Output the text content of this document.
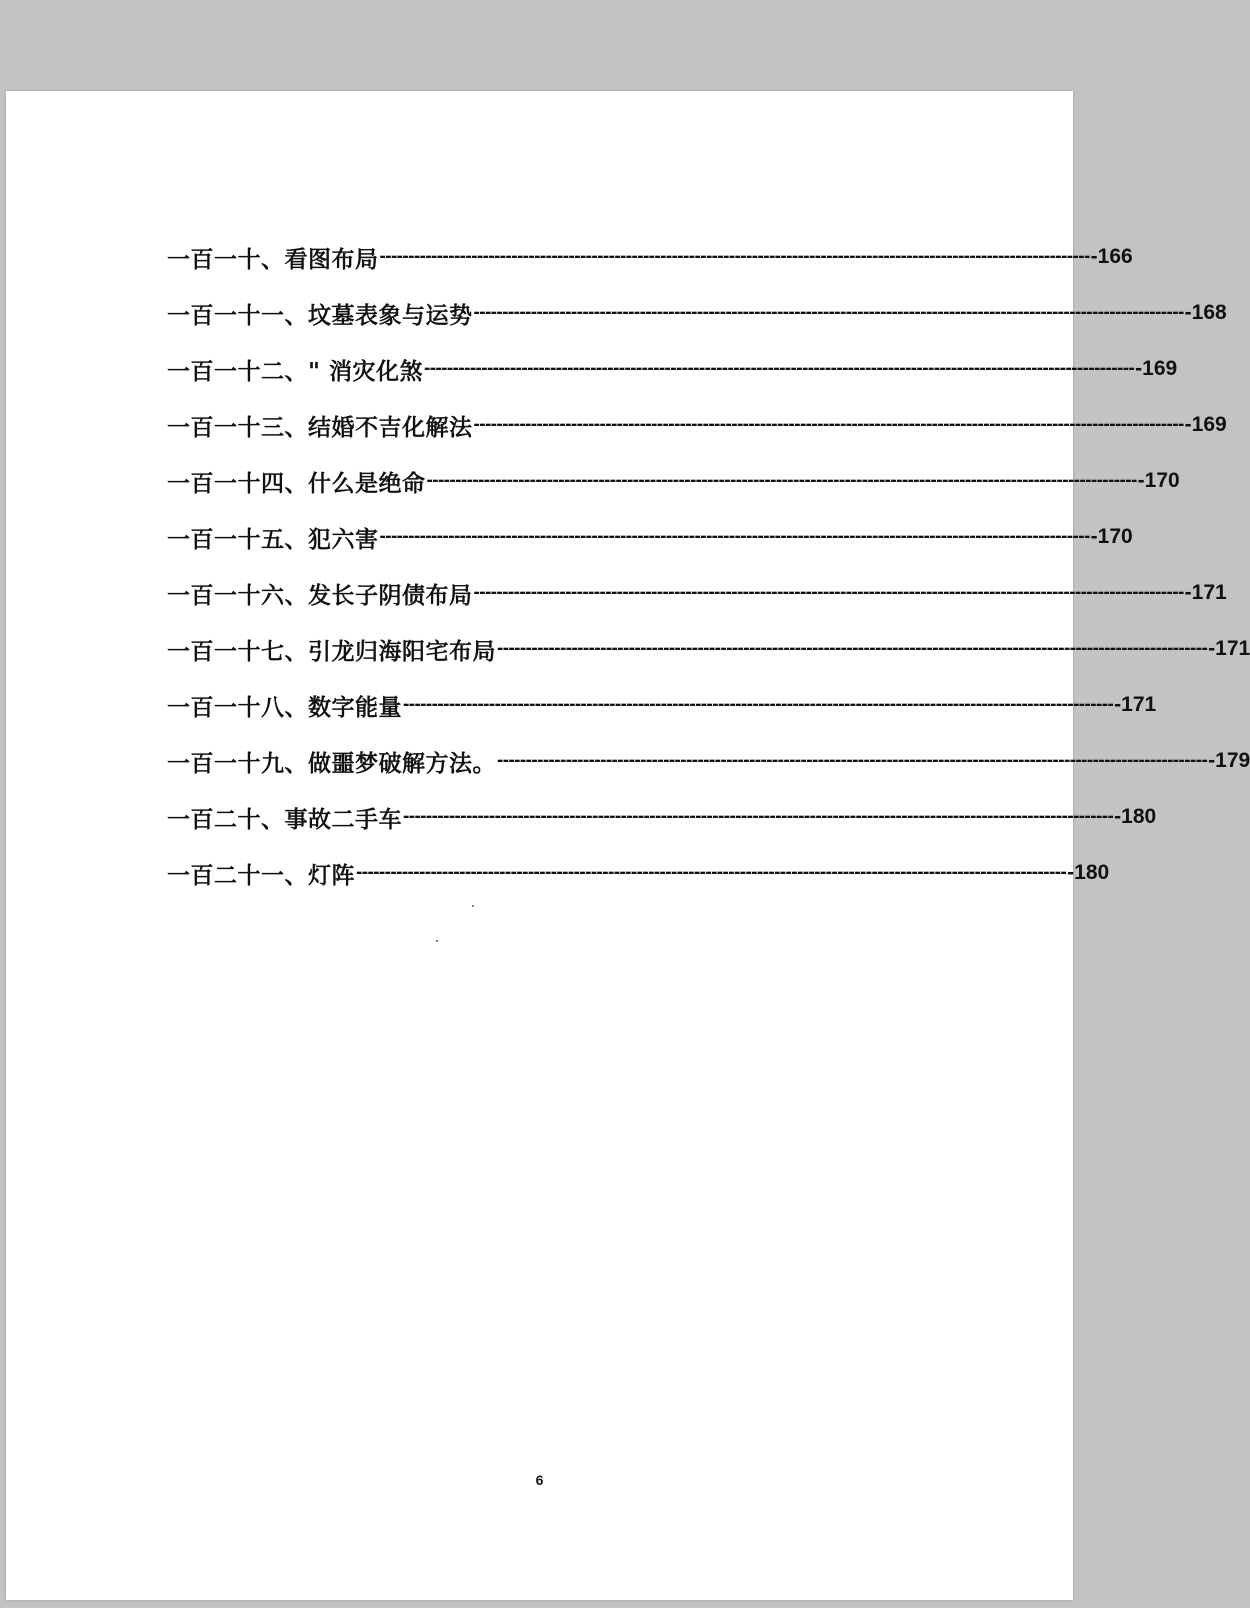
一百一十、看图布局 ---------------------------------------------------------------------------------------------------------------------------- -166
一百一十一、坟墓表象与运势 ---------------------------------------------------------------------------------------------------------------------------- -168
一百一十二、" 消灾化煞 ---------------------------------------------------------------------------------------------------------------------------- -169
一百一十三、结婚不吉化解法 ---------------------------------------------------------------------------------------------------------------------------- -169
一百一十四、什么是绝命 ---------------------------------------------------------------------------------------------------------------------------- -170
一百一十五、犯六害 ---------------------------------------------------------------------------------------------------------------------------- -170
一百一十六、发长子阴债布局 ---------------------------------------------------------------------------------------------------------------------------- -171
一百一十七、引龙归海阳宅布局 ---------------------------------------------------------------------------------------------------------------------------- -171
一百一十八、数字能量 ---------------------------------------------------------------------------------------------------------------------------- -171
一百一十九、做噩梦破解方法。 ---------------------------------------------------------------------------------------------------------------------------- -179
一百二十、事故二手车 ---------------------------------------------------------------------------------------------------------------------------- -180
一百二十一、灯阵 ---------------------------------------------------------------------------------------------------------------------------- -180
6
